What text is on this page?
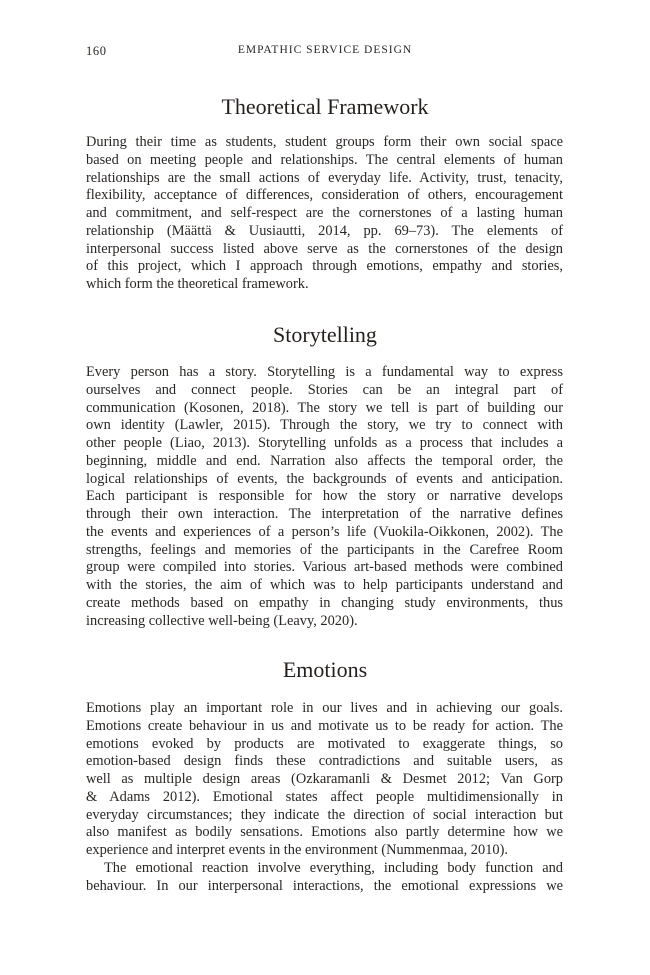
160	EMPATHIC SERVICE DESIGN
Theoretical Framework

During their time as students, student groups form their own social space
based on meeting people and relationships. The central elements of human
relationships are the small actions of everyday life. Activity, trust, tenacity,
flexibility, acceptance of differences, consideration of others, encouragement
and commitment, and self-respect are the cornerstones of a lasting human
relationship (Määttä & Uusiautti, 2014, pp. 69–73). The elements of
interpersonal success listed above serve as the cornerstones of the design
of this project, which I approach through emotions, empathy and stories,
which form the theoretical framework.

Storytelling

Every person has a story. Storytelling is a fundamental way to express
ourselves and connect people. Stories can be an integral part of
communication (Kosonen, 2018). The story we tell is part of building our
own identity (Lawler, 2015). Through the story, we try to connect with
other people (Liao, 2013). Storytelling unfolds as a process that includes a
beginning, middle and end. Narration also affects the temporal order, the
logical relationships of events, the backgrounds of events and anticipation.
Each participant is responsible for how the story or narrative develops
through their own interaction. The interpretation of the narrative defines
the events and experiences of a person’s life (Vuokila-Oikkonen, 2002). The
strengths, feelings and memories of the participants in the Carefree Room
group were compiled into stories. Various art-based methods were combined
with the stories, the aim of which was to help participants understand and
create methods based on empathy in changing study environments, thus
increasing collective well-being (Leavy, 2020).

Emotions

Emotions play an important role in our lives and in achieving our goals.
Emotions create behaviour in us and motivate us to be ready for action. The
emotions evoked by products are motivated to exaggerate things, so
emotion-based design finds these contradictions and suitable users, as
well as multiple design areas (Ozkaramanli & Desmet 2012; Van Gorp
& Adams 2012). Emotional states affect people multidimensionally in
everyday circumstances; they indicate the direction of social interaction but
also manifest as bodily sensations. Emotions also partly determine how we
experience and interpret events in the environment (Nummenmaa, 2010).

The emotional reaction involve everything, including body function and
behaviour. In our interpersonal interactions, the emotional expressions we
